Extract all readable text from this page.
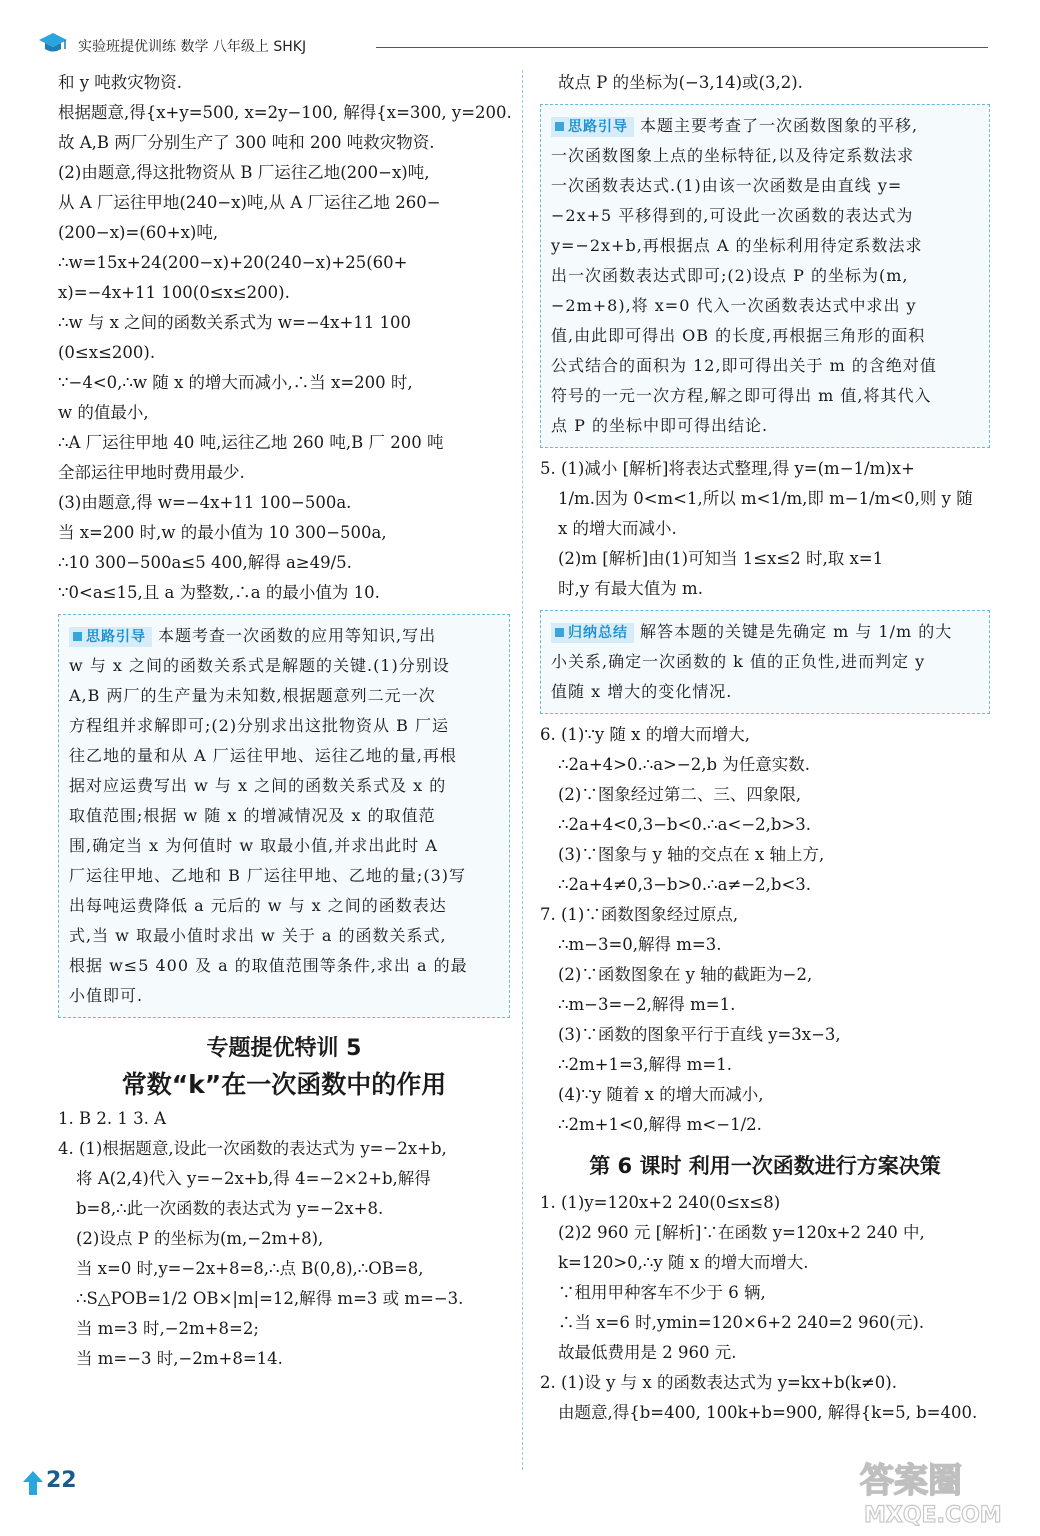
实验班提优训练 数学 八年级上 SHKJ
和 y 吨救灾物资.
根据题意,得{x+y=500, x=2y−100, 解得{x=300, y=200.
故 A,B 两厂分别生产了 300 吨和 200 吨救灾物资.
(2)由题意,得这批物资从 B 厂运往乙地(200−x)吨,
从 A 厂运往甲地(240−x)吨,从 A 厂运往乙地 260−
(200−x)=(60+x)吨,
∴w=15x+24(200−x)+20(240−x)+25(60+
x)=−4x+11 100(0≤x≤200).
∴w 与 x 之间的函数关系式为 w=−4x+11 100
(0≤x≤200).
∵−4<0,∴w 随 x 的增大而减小,∴当 x=200 时,
w 的值最小,
∴A 厂运往甲地 40 吨,运往乙地 260 吨,B 厂 200 吨
全部运往甲地时费用最少.
(3)由题意,得 w=−4x+11 100−500a.
当 x=200 时,w 的最小值为 10 300−500a,
∴10 300−500a≤5 400,解得 a≥49/5.
∵0<a≤15,且 a 为整数,∴a 的最小值为 10.
思路引导 本题考查一次函数的应用等知识,写出
w 与 x 之间的函数关系式是解题的关键.(1)分别设
A,B 两厂的生产量为未知数,根据题意列二元一次
方程组并求解即可;(2)分别求出这批物资从 B 厂运
往乙地的量和从 A 厂运往甲地、运往乙地的量,再根
据对应运费写出 w 与 x 之间的函数关系式及 x 的
取值范围;根据 w 随 x 的增减情况及 x 的取值范
围,确定当 x 为何值时 w 取最小值,并求出此时 A
厂运往甲地、乙地和 B 厂运往甲地、乙地的量;(3)写
出每吨运费降低 a 元后的 w 与 x 之间的函数表达
式,当 w 取最小值时求出 w 关于 a 的函数关系式,
根据 w≤5 400 及 a 的取值范围等条件,求出 a 的最
小值即可.
专题提优特训 5
常数“k”在一次函数中的作用
1. B 2. 1 3. A
4. (1)根据题意,设此一次函数的表达式为 y=−2x+b,
将 A(2,4)代入 y=−2x+b,得 4=−2×2+b,解得
b=8,∴此一次函数的表达式为 y=−2x+8.
(2)设点 P 的坐标为(m,−2m+8),
当 x=0 时,y=−2x+8=8,∴点 B(0,8),∴OB=8,
∴S△POB=1/2 OB×|m|=12,解得 m=3 或 m=−3.
当 m=3 时,−2m+8=2;
当 m=−3 时,−2m+8=14.
故点 P 的坐标为(−3,14)或(3,2).
思路引导 本题主要考查了一次函数图象的平移,
一次函数图象上点的坐标特征,以及待定系数法求
一次函数表达式.(1)由该一次函数是由直线 y=
−2x+5 平移得到的,可设此一次函数的表达式为
y=−2x+b,再根据点 A 的坐标利用待定系数法求
出一次函数表达式即可;(2)设点 P 的坐标为(m,
−2m+8),将 x=0 代入一次函数表达式中求出 y
值,由此即可得出 OB 的长度,再根据三角形的面积
公式结合的面积为 12,即可得出关于 m 的含绝对值
符号的一元一次方程,解之即可得出 m 值,将其代入
点 P 的坐标中即可得出结论.
5. (1)减小 [解析]将表达式整理,得 y=(m−1/m)x+
1/m.因为 0<m<1,所以 m<1/m,即 m−1/m<0,则 y 随
x 的增大而减小.
(2)m [解析]由(1)可知当 1≤x≤2 时,取 x=1
时,y 有最大值为 m.
归纳总结 解答本题的关键是先确定 m 与 1/m 的大
小关系,确定一次函数的 k 值的正负性,进而判定 y
值随 x 增大的变化情况.
6. (1)∵y 随 x 的增大而增大,
∴2a+4>0.∴a>−2,b 为任意实数.
(2)∵图象经过第二、三、四象限,
∴2a+4<0,3−b<0.∴a<−2,b>3.
(3)∵图象与 y 轴的交点在 x 轴上方,
∴2a+4≠0,3−b>0.∴a≠−2,b<3.
7. (1)∵函数图象经过原点,
∴m−3=0,解得 m=3.
(2)∵函数图象在 y 轴的截距为−2,
∴m−3=−2,解得 m=1.
(3)∵函数的图象平行于直线 y=3x−3,
∴2m+1=3,解得 m=1.
(4)∵y 随着 x 的增大而减小,
∴2m+1<0,解得 m<−1/2.
第 6 课时 利用一次函数进行方案决策
1. (1)y=120x+2 240(0≤x≤8)
(2)2 960 元 [解析]∵在函数 y=120x+2 240 中,
k=120>0,∴y 随 x 的增大而增大.
∵租用甲种客车不少于 6 辆,
∴当 x=6 时,ymin=120×6+2 240=2 960(元).
故最低费用是 2 960 元.
2. (1)设 y 与 x 的函数表达式为 y=kx+b(k≠0).
由题意,得{b=400, 100k+b=900, 解得{k=5, b=400.
22	答案圈
MXQE.COM
